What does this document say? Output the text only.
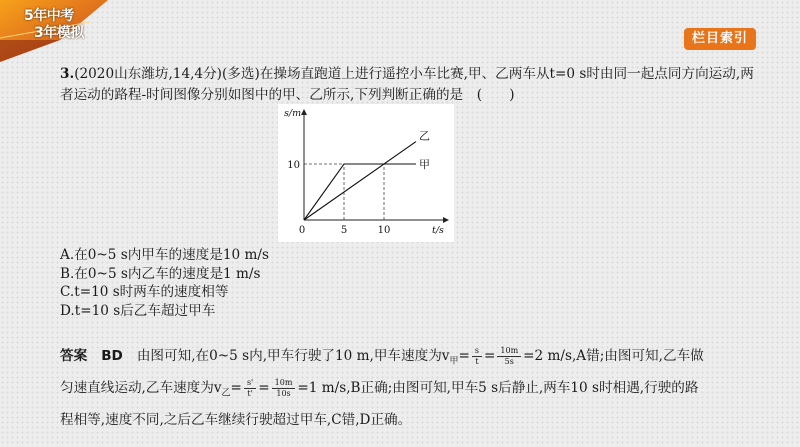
5年中考
3年模拟	栏目索引
3.(2020山东潍坊,14,4分)(多选)在操场直跑道上进行遥控小车比赛,甲、乙两车从t=0 s时由同一起点同方向运动,两者运动的路程-时间图像分别如图中的甲、乙所示,下列判断正确的是　(　　)
甲
乙
0	5	10
10
s/m
t/s
A.在0~5 s内甲车的速度是10 m/s
B.在0~5 s内乙车的速度是1 m/s
C.t=10 s时两车的速度相等
D.t=10 s后乙车超过甲车
答案 BD 由图可知,在0~5 s内,甲车行驶了10 m,甲车速度为$v_甲= \frac{s}{t} = \frac{10m}{5s} =2$ m/s,A错;由图可知,乙车做
匀速直线运动,乙车速度为$v_乙= \frac{s'}{t'} = \frac{10m}{10s} =1$ m/s,B正确;由图可知,甲车5 s后静止,两车10 s时相遇,行驶的路
程相等,速度不同,之后乙车继续行驶超过甲车,C错,D正确。
